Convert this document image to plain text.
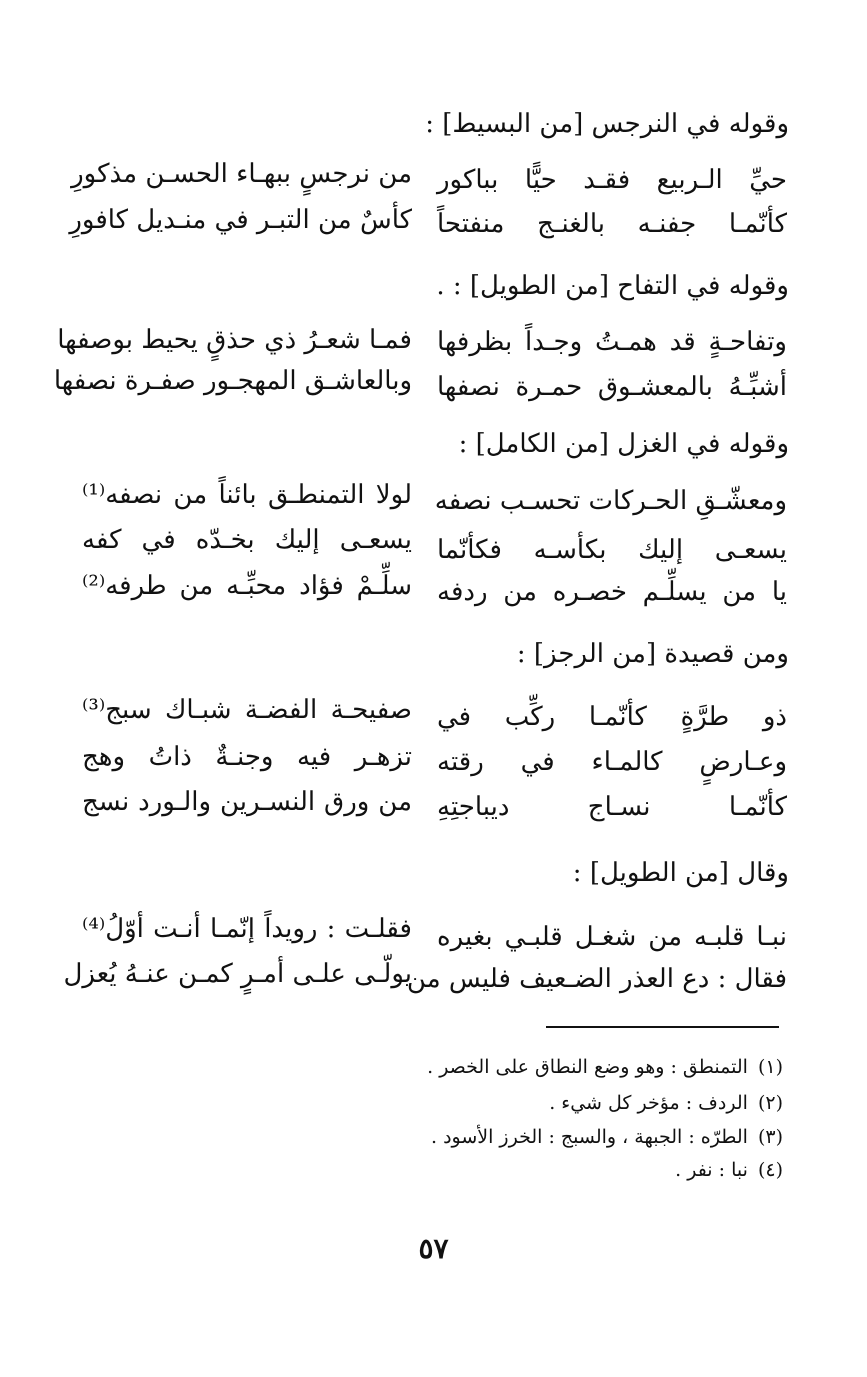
وقوله في النرجس [من البسيط] :
حيِّ الـربيع فقـد حيًّا بباكور
من نرجسٍ ببهـاء الحسـن مذكورِ
كأنّمـا جفنـه بالغنـج منفتحاً
كأسٌ من التبـر في منـديل كافورِ
وقوله في التفاح [من الطويل] : .
وتفاحـةٍ قد همـتُ وجـداً بظرفها
فمـا شعـرُ ذي حذقٍ يحيط بوصفها
أشبِّـهُ بالمعشـوق حمـرة نصفها
وبالعاشـق المهجـور صفـرة نصفها
وقوله في الغزل [من الكامل] :
ومعشّـقِ الحـركات تحسـب نصفه
لولا التمنطـق بائناً من نصفه⁽¹⁾
يسعـى إليك بكأسـه فكأنّما
يسعـى إليك بخـدّه في كفه
يا من يسلِّـم خصـره من ردفه
سلِّـمْ فؤاد محبِّـه من طرفه⁽²⁾
ومن قصيدة [من الرجز] :
ذو طرَّةٍ كأنّمـا ركِّب في
صفيحـة الفضـة شبـاك سبج⁽³⁾
وعـارضٍ كالمـاء في رقته
تزهـر فيه وجنـةٌ ذاتُ وهج
كأنّمـا نسـاج ديباجتِهِ
من ورق النسـرين والـورد نسج
وقال [من الطويل] :
نبـا قلبـه من شغـل قلبـي بغيره
فقلـت : رويداً إنّمـا أنـت أوّلُ⁽⁴⁾
فقال : دع العذر الضـعيف فليس من
يولّـى علـى أمـرٍ كمـن عنـهُ يُعزل
(١) التمنطق : وهو وضع النطاق على الخصر .
(٢) الردف : مؤخر كل شيء .
(٣) الطرّه : الجبهة ، والسبج : الخرز الأسود .
(٤) نبا : نفر .
٥٧
